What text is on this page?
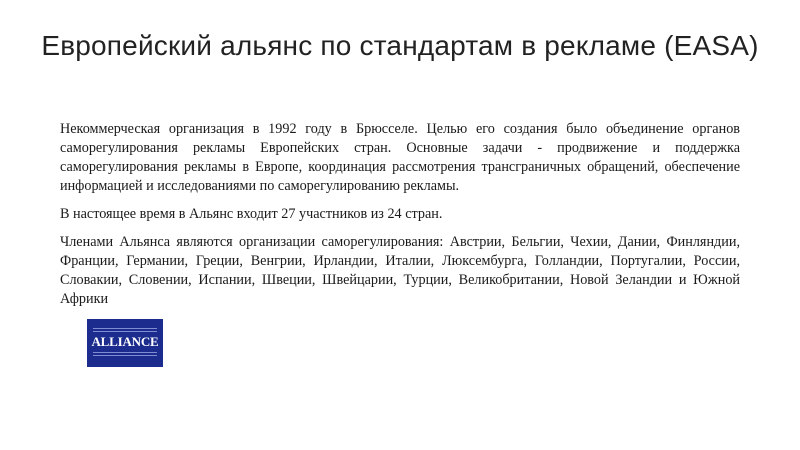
Европейский альянс по стандартам в рекламе (EASA)

Некоммерческая организация в 1992 году в Брюсселе. Целью его создания было объединение органов саморегулирования рекламы Европейских стран. Основные задачи - продвижение и поддержка саморегулирования рекламы в Европе, координация рассмотрения трансграничных обращений, обеспечение информацией и исследованиями по саморегулированию рекламы.

В настоящее время в Альянс входит 27 участников из 24 стран.

Членами Альянса являются организации саморегулирования: Австрии, Бельгии, Чехии, Дании, Финляндии, Франции, Германии, Греции, Венгрии, Ирландии, Италии, Люксембурга, Голландии, Португалии, России, Словакии, Словении, Испании, Швеции, Швейцарии, Турции, Великобритании, Новой Зеландии и Южной Африки

ALLIANCE
